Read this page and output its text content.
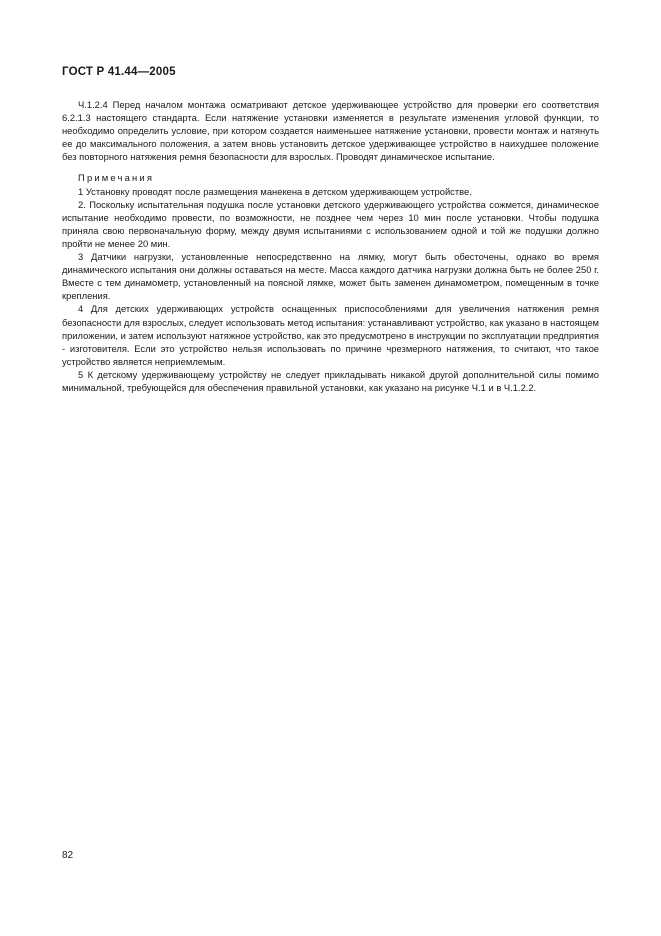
ГОСТ Р 41.44—2005

Ч.1.2.4 Перед началом монтажа осматривают детское удерживающее устройство для проверки его соответствия 6.2.1.3 настоящего стандарта. Если натяжение установки изменяется в результате изменения угловой функции, то необходимо определить условие, при котором создается наименьшее натяжение установки, провести монтаж и натянуть ее до максимального положения, а затем вновь установить детское удерживающее устройство в наихудшее положение без повторного натяжения ремня безопасности для взрослых. Проводят динамическое испытание.

Примечания

1 Установку проводят после размещения манекена в детском удерживающем устройстве.

2. Поскольку испытательная подушка после установки детского удерживающего устройства сожмется, динамическое испытание необходимо провести, по возможности, не позднее чем через 10 мин после установки. Чтобы подушка приняла свою первоначальную форму, между двумя испытаниями с использованием одной и той же подушки должно пройти не менее 20 мин.

3 Датчики нагрузки, установленные непосредственно на лямку, могут быть обесточены, однако во время динамического испытания они должны оставаться на месте. Масса каждого датчика нагрузки должна быть не более 250 г. Вместе с тем динамометр, установленный на поясной лямке, может быть заменен динамометром, помещенным в точке крепления.

4 Для детских удерживающих устройств оснащенных приспособлениями для увеличения натяжения ремня безопасности для взрослых, следует использовать метод испытания: устанавливают устройство, как указано в настоящем приложении, и затем используют натяжное устройство, как это предусмотрено в инструкции по эксплуатации предприятия - изготовителя. Если это устройство нельзя использовать по причине чрезмерного натяжения, то считают, что такое устройство является неприемлемым.

5 К детскому удерживающему устройству не следует прикладывать никакой другой дополнительной силы помимо минимальной, требующейся для обеспечения правильной установки, как указано на рисунке Ч.1 и в Ч.1.2.2.

82
